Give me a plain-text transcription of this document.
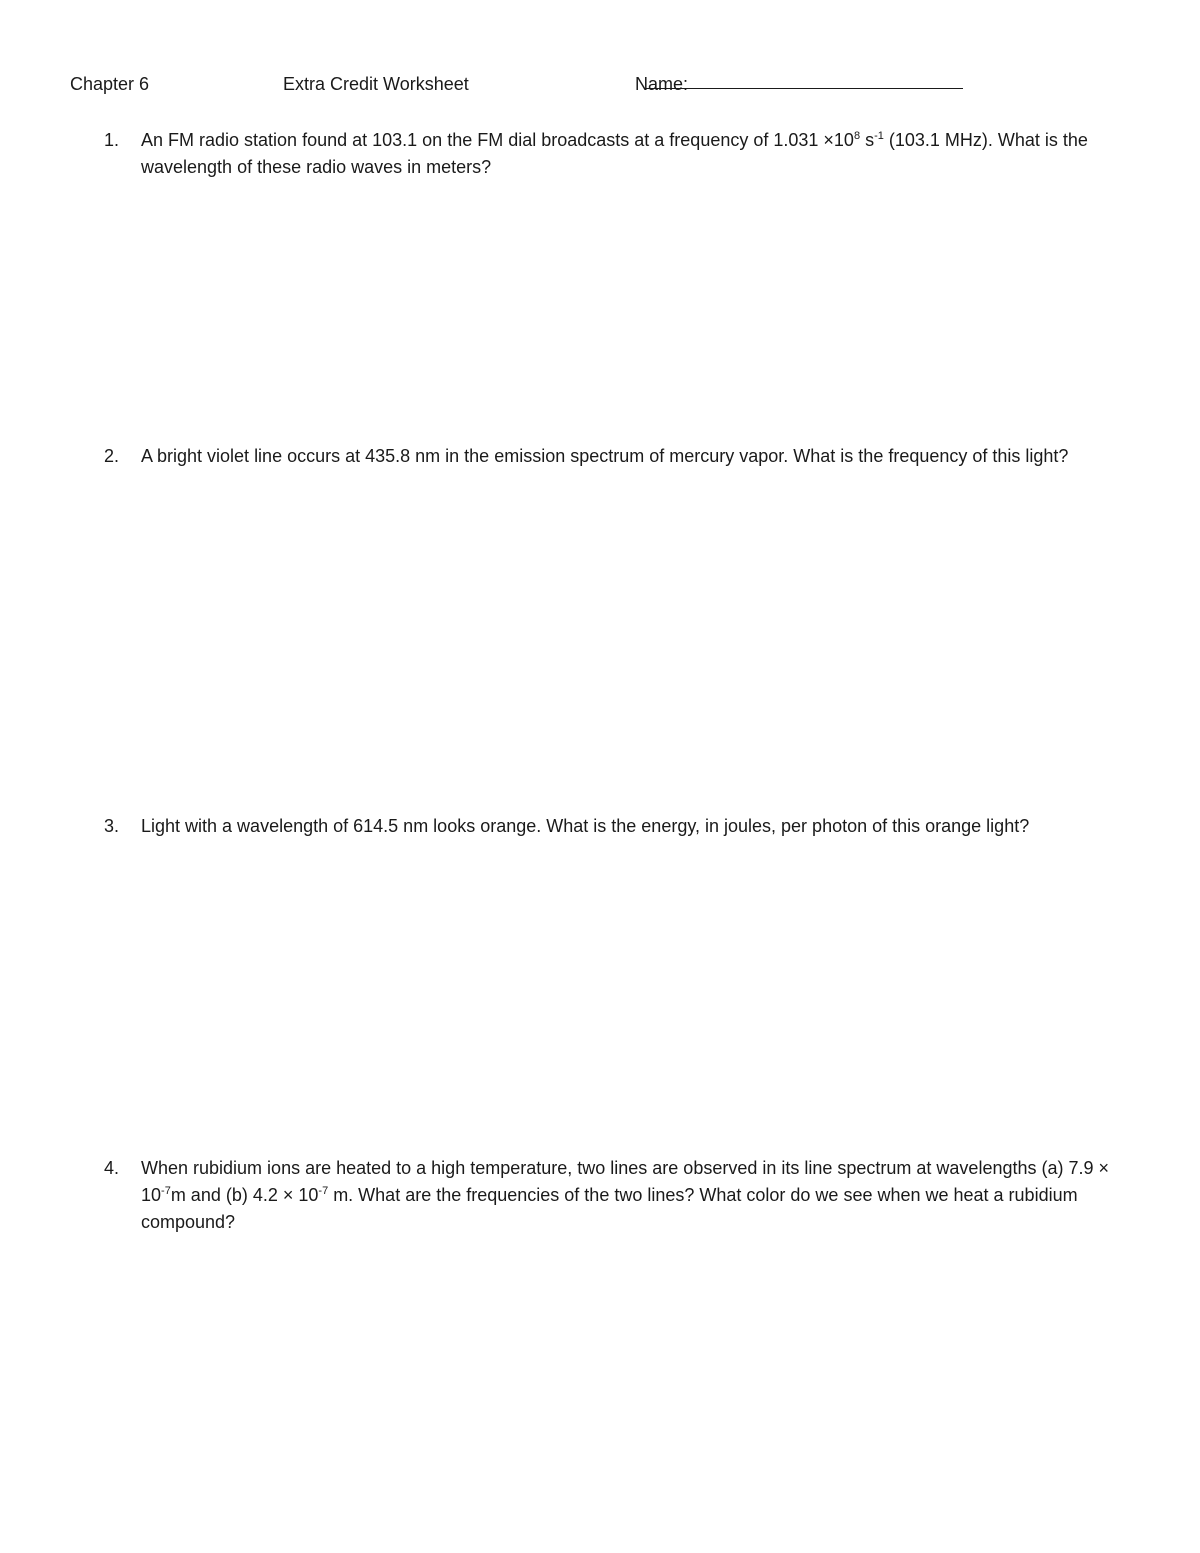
Chapter 6	Extra Credit Worksheet	Name:
1. An FM radio station found at 103.1 on the FM dial broadcasts at a frequency of $1.031 \times 10^8$ $s^{-1}$ (103.1 MHz). What is the wavelength of these radio waves in meters?
2. A bright violet line occurs at 435.8 nm in the emission spectrum of mercury vapor. What is the frequency of this light?
3. Light with a wavelength of 614.5 nm looks orange. What is the energy, in joules, per photon of this orange light?
4. When rubidium ions are heated to a high temperature, two lines are observed in its line spectrum at wavelengths (a) $7.9 \times 10^{-7}m$ and (b) $4.2 \times 10^{-7}$ m. What are the frequencies of the two lines? What color do we see when we heat a rubidium compound?
